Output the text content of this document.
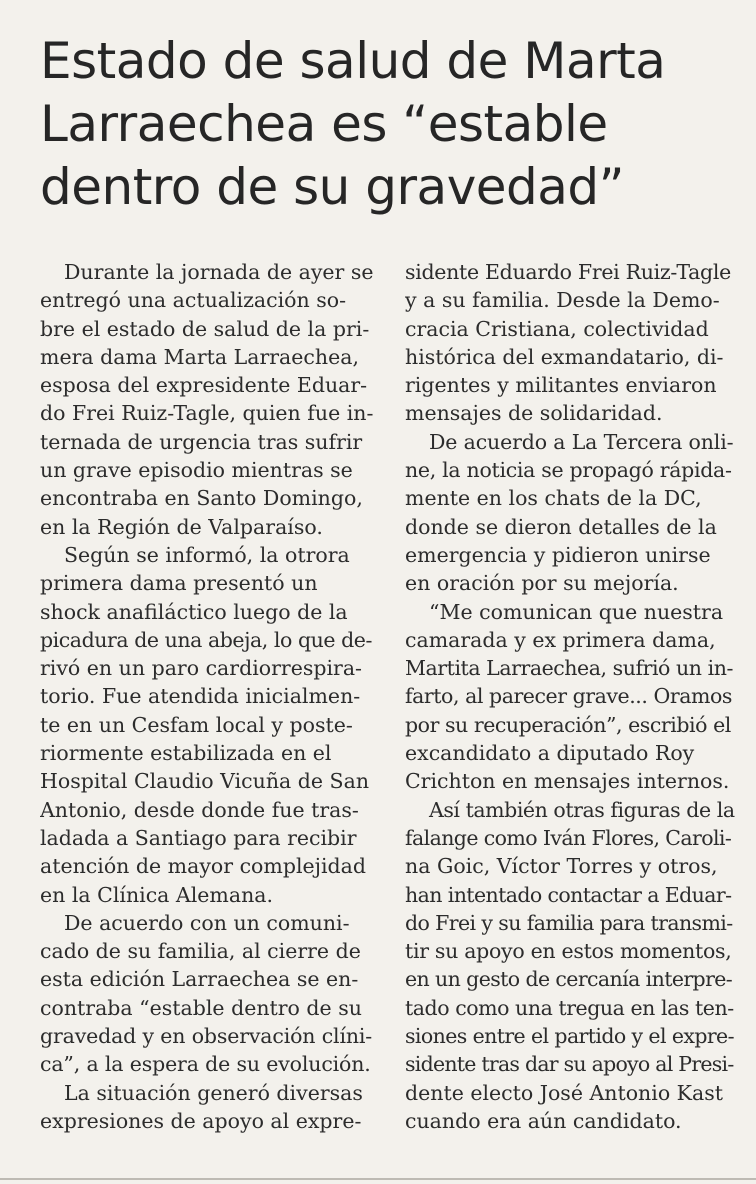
Estado de salud de Marta
Larraechea es “estable
dentro de su gravedad”
Durante la jornada de ayer se
entregó una actualización so-
bre el estado de salud de la pri-
mera dama Marta Larraechea,
esposa del expresidente Eduar-
do Frei Ruiz-Tagle, quien fue in-
ternada de urgencia tras sufrir
un grave episodio mientras se
encontraba en Santo Domingo,
en la Región de Valparaíso.
Según se informó, la otrora
primera dama presentó un
shock anafiláctico luego de la
picadura de una abeja, lo que de-
rivó en un paro cardiorrespira-
torio. Fue atendida inicialmen-
te en un Cesfam local y poste-
riormente estabilizada en el
Hospital Claudio Vicuña de San
Antonio, desde donde fue tras-
ladada a Santiago para recibir
atención de mayor complejidad
en la Clínica Alemana.
De acuerdo con un comuni-
cado de su familia, al cierre de
esta edición Larraechea se en-
contraba “estable dentro de su
gravedad y en observación clíni-
ca”, a la espera de su evolución.
La situación generó diversas
expresiones de apoyo al expre-
sidente Eduardo Frei Ruiz-Tagle
y a su familia. Desde la Demo-
cracia Cristiana, colectividad
histórica del exmandatario, di-
rigentes y militantes enviaron
mensajes de solidaridad.
De acuerdo a La Tercera onli-
ne, la noticia se propagó rápida-
mente en los chats de la DC,
donde se dieron detalles de la
emergencia y pidieron unirse
en oración por su mejoría.
“Me comunican que nuestra
camarada y ex primera dama,
Martita Larraechea, sufrió un in-
farto, al parecer grave... Oramos
por su recuperación”, escribió el
excandidato a diputado Roy
Crichton en mensajes internos.
Así también otras figuras de la
falange como Iván Flores, Caroli-
na Goic, Víctor Torres y otros,
han intentado contactar a Eduar-
do Frei y su familia para transmi-
tir su apoyo en estos momentos,
en un gesto de cercanía interpre-
tado como una tregua en las ten-
siones entre el partido y el expre-
sidente tras dar su apoyo al Presi-
dente electo José Antonio Kast
cuando era aún candidato.
